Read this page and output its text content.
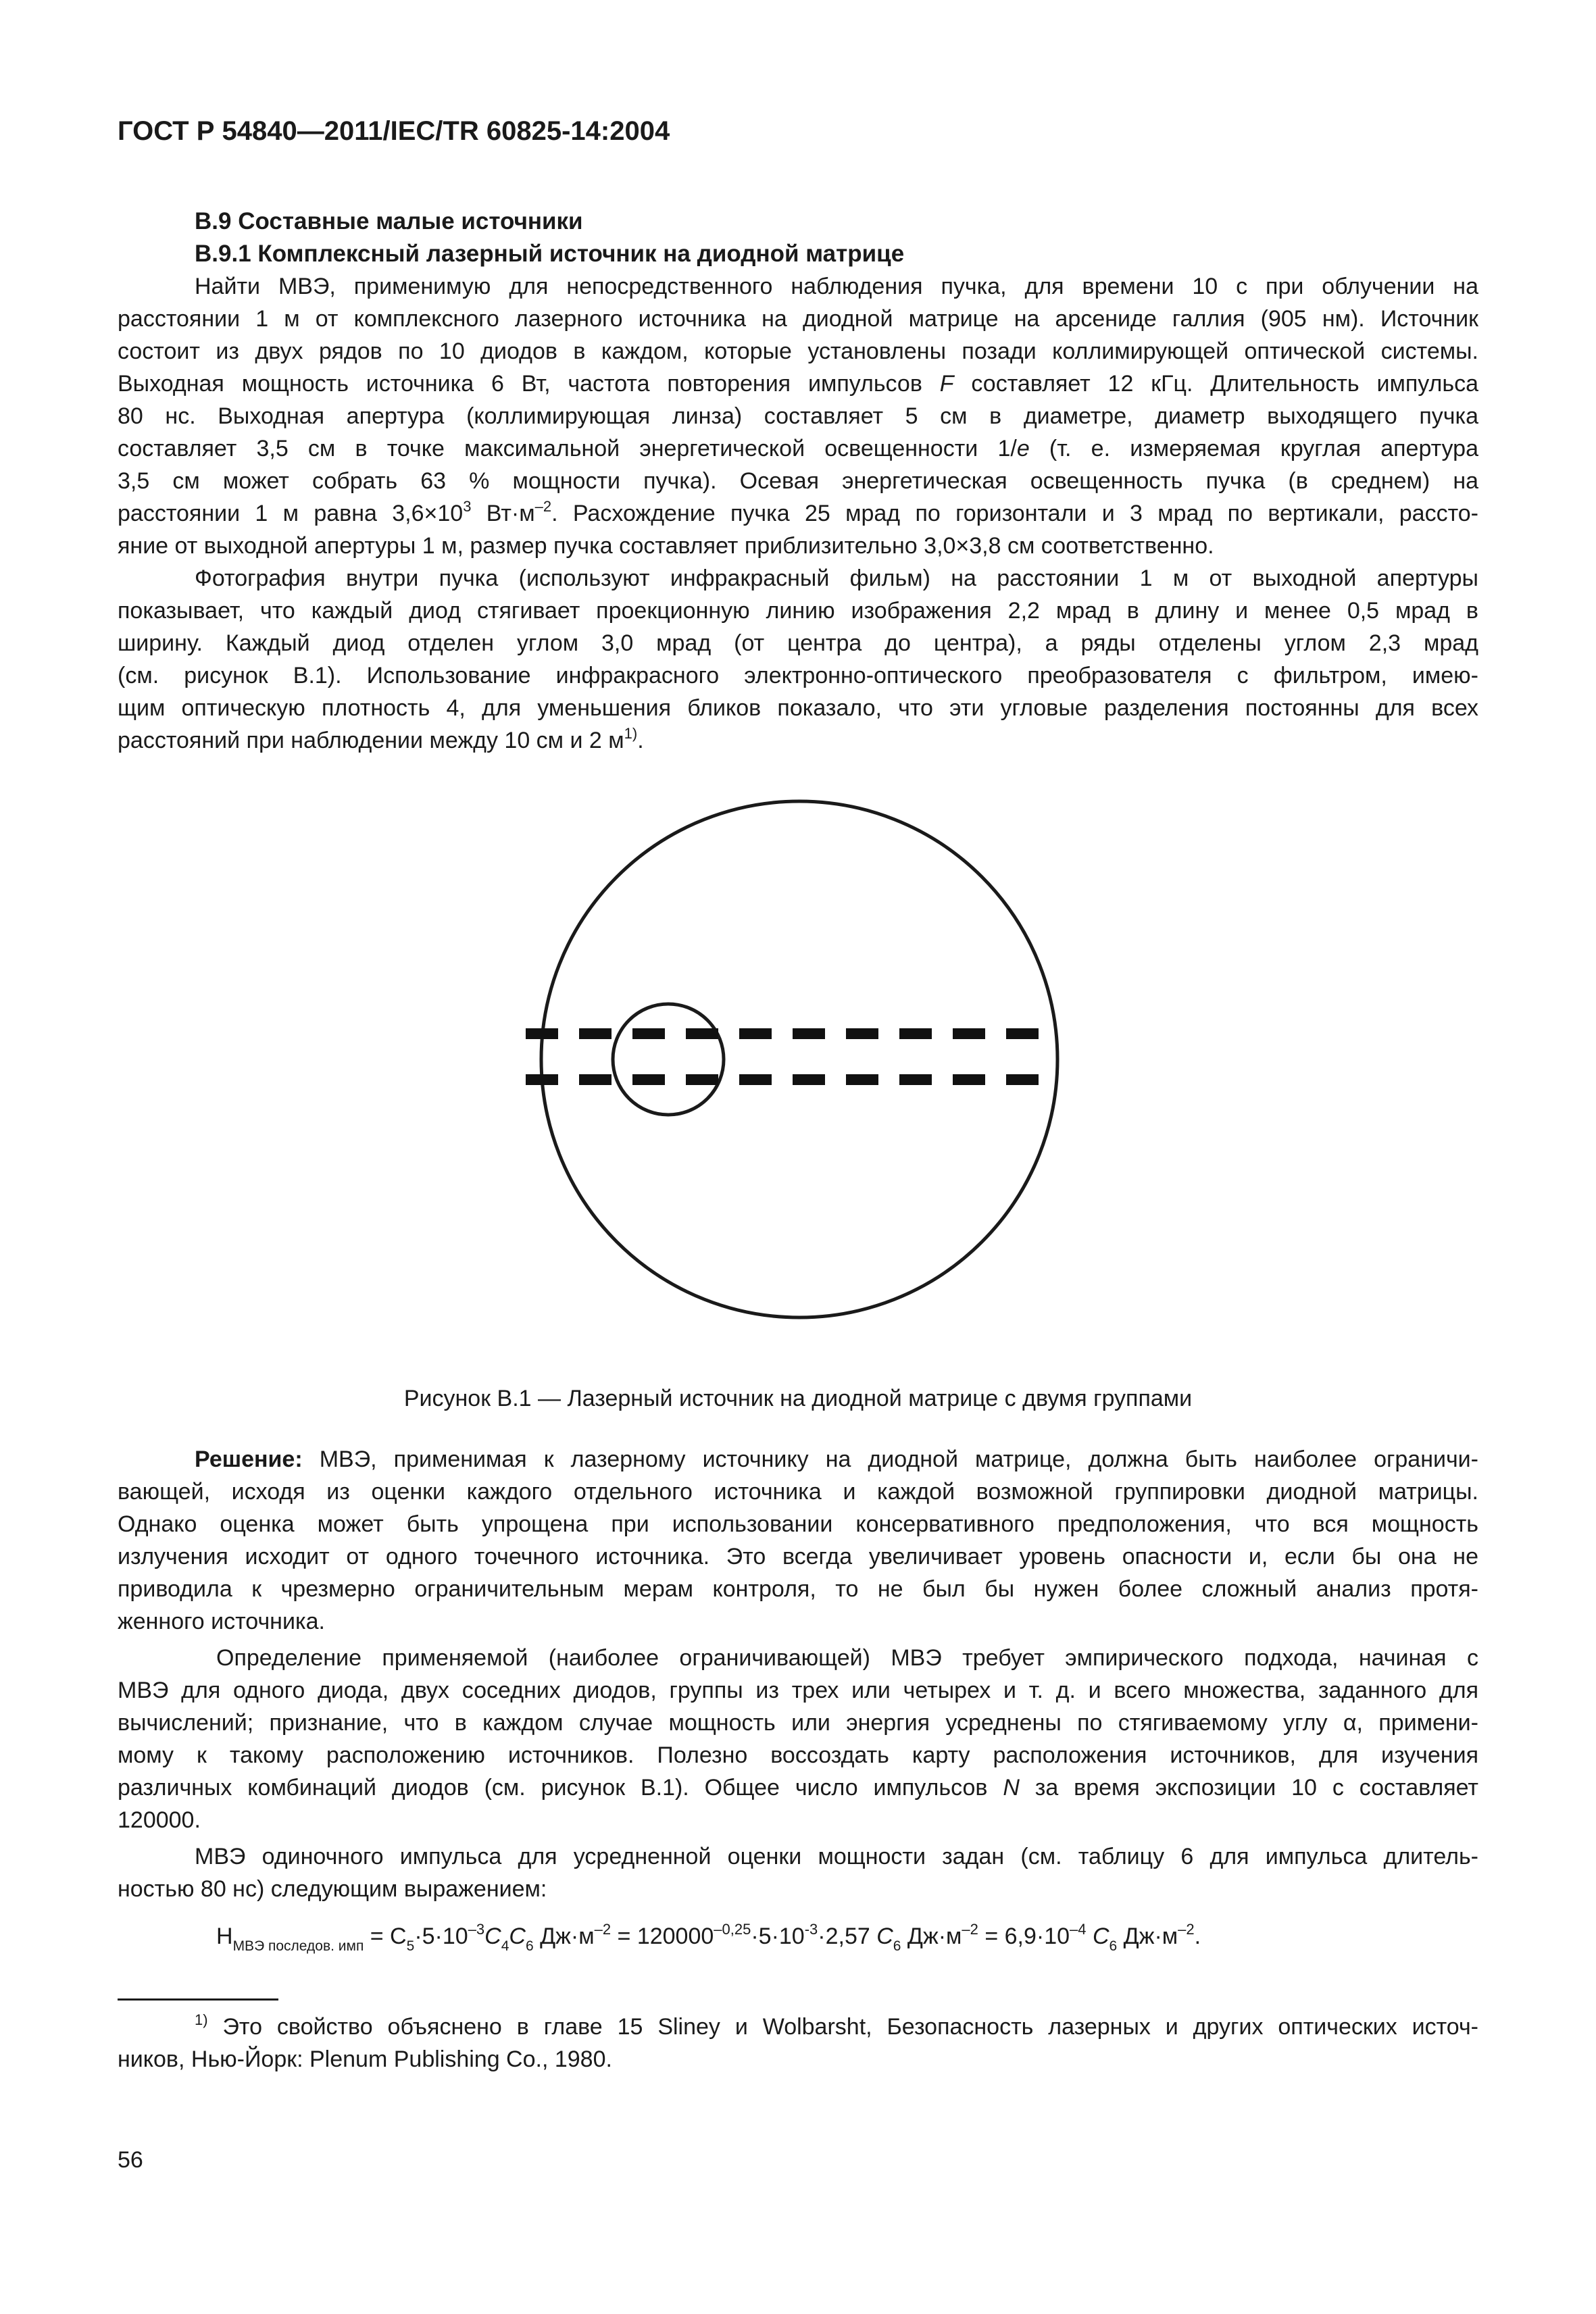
ГОСТ Р 54840—2011/IEC/TR 60825-14:2004
B.9 Составные малые источники
B.9.1 Комплексный лазерный источник на диодной матрице
Найти МВЭ, применимую для непосредственного наблюдения пучка, для времени 10 с при облучении на
расстоянии 1 м от комплексного лазерного источника на диодной матрице на арсениде галлия (905 нм). Источник
состоит из двух рядов по 10 диодов в каждом, которые установлены позади коллимирующей оптической системы.
Выходная мощность источника 6 Вт, частота повторения импульсов F составляет 12 кГц. Длительность импульса
80 нс. Выходная апертура (коллимирующая линза) составляет 5 см в диаметре, диаметр выходящего пучка
составляет 3,5 см в точке максимальной энергетической освещенности 1/e (т. е. измеряемая круглая апертура
3,5 см может собрать 63 % мощности пучка). Осевая энергетическая освещенность пучка (в среднем) на
расстоянии 1 м равна $3,6\times 10^3$ $Вт\cdot м^{-2}$. Расхождение пучка 25 мрад по горизонтали и 3 мрад по вертикали, рассто-
яние от выходной апертуры 1 м, размер пучка составляет приблизительно 3,0×3,8 см соответственно.
Фотография внутри пучка (используют инфракрасный фильм) на расстоянии 1 м от выходной апертуры
показывает, что каждый диод стягивает проекционную линию изображения 2,2 мрад в длину и менее 0,5 мрад в
ширину. Каждый диод отделен углом 3,0 мрад (от центра до центра), а ряды отделены углом 2,3 мрад
(см. рисунок В.1). Использование инфракрасного электронно-оптического преобразователя с фильтром, имею-
щим оптическую плотность 4, для уменьшения бликов показало, что эти угловые разделения постоянны для всех
расстояний при наблюдении между 10 см и 2 $м^{1)}$.
Рисунок В.1 — Лазерный источник на диодной матрице с двумя группами
Решение: МВЭ, применимая к лазерному источнику на диодной матрице, должна быть наиболее ограничи-
вающей, исходя из оценки каждого отдельного источника и каждой возможной группировки диодной матрицы.
Однако оценка может быть упрощена при использовании консервативного предположения, что вся мощность
излучения исходит от одного точечного источника. Это всегда увеличивает уровень опасности и, если бы она не
приводила к чрезмерно ограничительным мерам контроля, то не был бы нужен более сложный анализ протя-
женного источника.
Определение применяемой (наиболее ограничивающей) МВЭ требует эмпирического подхода, начиная с
МВЭ для одного диода, двух соседних диодов, группы из трех или четырех и т. д. и всего множества, заданного для
вычислений; признание, что в каждом случае мощность или энергия усреднены по стягиваемому углу α, примени-
мому к такому расположению источников. Полезно воссоздать карту расположения источников, для изучения
различных комбинаций диодов (см. рисунок В.1). Общее число импульсов N за время экспозиции 10 с составляет
120000.
МВЭ одиночного импульса для усредненной оценки мощности задан (см. таблицу 6 для импульса длитель-
ностью 80 нс) следующим выражением:
$Н_{МВЭ последов. имп} = С_5\cdot 5\cdot 10^{-3}C_4C_6$ $Дж\cdot м^{-2} = 120000^{-0,25}\cdot 5\cdot 10^{-3}\cdot 2,57$ $C_6$ $Дж\cdot м^{-2} = 6,9\cdot 10^{-4}$ $C_6$ $Дж\cdot м^{-2}$.
$^{1)}$ Это свойство объяснено в главе 15 Sliney и Wolbarsht, Безопасность лазерных и других оптических источ-
ников, Нью-Йорк: Plenum Publishing Co., 1980.
56
